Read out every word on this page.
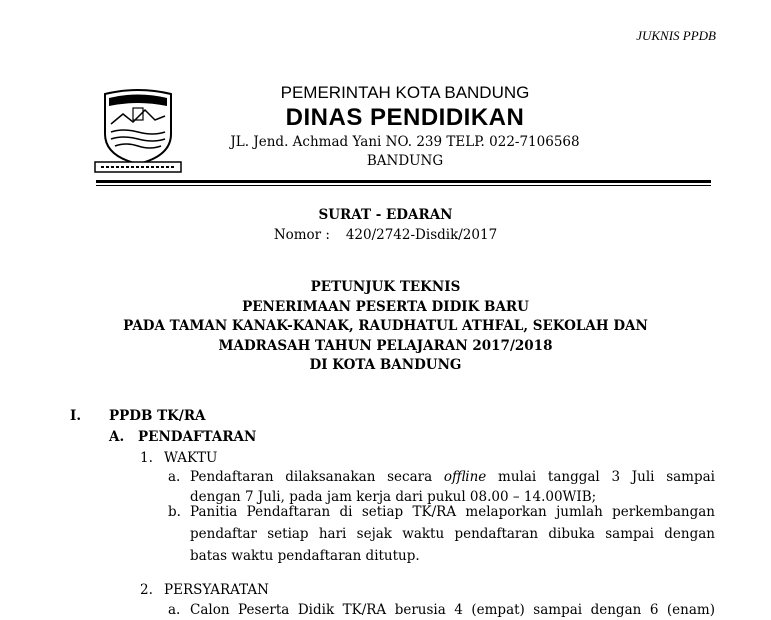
JUKNIS PPDB
PEMERINTAH KOTA BANDUNG
DINAS PENDIDIKAN
JL. Jend. Achmad Yani NO. 239 TELP. 022-7106568
BANDUNG
SURAT - EDARAN
Nomor : 420/2742-Disdik/2017
PETUNJUK TEKNIS
PENERIMAAN PESERTA DIDIK BARU
PADA TAMAN KANAK-KANAK, RAUDHATUL ATHFAL, SEKOLAH DAN
MADRASAH TAHUN PELAJARAN 2017/2018
DI KOTA BANDUNG
I. PPDB TK/RA
A. PENDAFTARAN
1. WAKTU
a. Pendaftaran dilaksanakan secara offline mulai tanggal 3 Juli sampai
dengan 7 Juli, pada jam kerja dari pukul 08.00 – 14.00WIB;
b. Panitia Pendaftaran di setiap TK/RA melaporkan jumlah perkembangan
pendaftar setiap hari sejak waktu pendaftaran dibuka sampai dengan
batas waktu pendaftaran ditutup.
2. PERSYARATAN
a. Calon Peserta Didik TK/RA berusia 4 (empat) sampai dengan 6 (enam)
